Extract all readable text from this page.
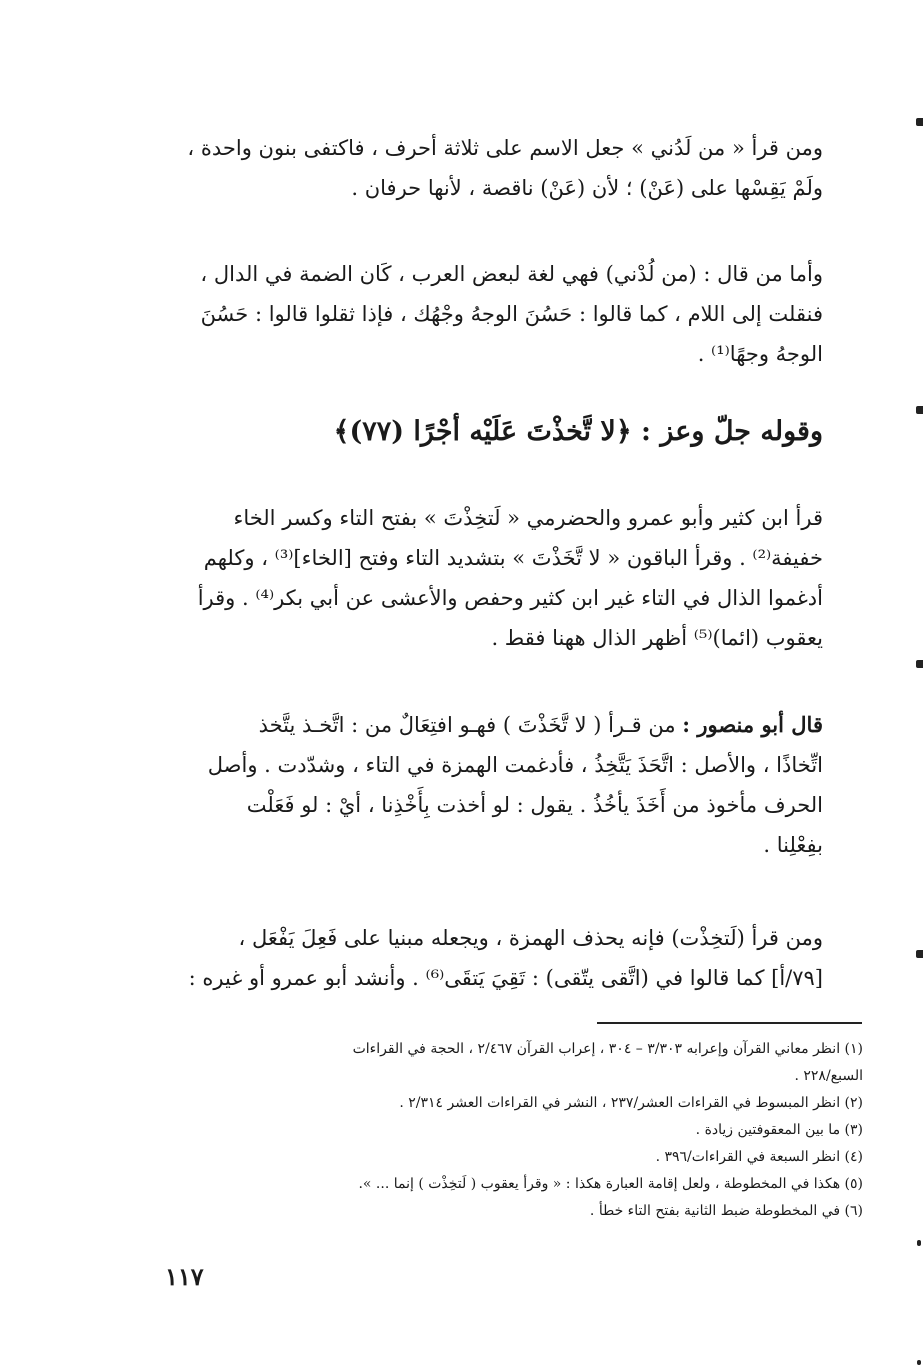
ومن قرأ « من لَدُني » جعل الاسم على ثلاثة أحرف ، فاكتفى بنون واحدة ،
ولَمْ يَقِسْها على (عَنْ) ؛ لأن (عَنْ) ناقصة ، لأنها حرفان .
وأما من قال : (من لُدْني) فهي لغة لبعض العرب ، كَان الضمة في الدال ،
فنقلت إلى اللام ، كما قالوا : حَسُنَ الوجهُ وجْهُك ، فإذا ثقلوا قالوا : حَسُنَ
الوجهُ وجهًا⁽¹⁾ .
وقوله جلّ وعز : ﴿لا تَّخذْتَ عَلَيْه أجْرًا (٧٧)﴾
قرأ ابن كثير وأبو عمرو والحضرمي « لَتخِذْتَ » بفتح التاء وكسر الخاء
خفيفة⁽²⁾ . وقرأ الباقون « لا تَّخَذْتَ » بتشديد التاء وفتح [الخاء]⁽³⁾ ، وكلهم
أدغموا الذال في التاء غير ابن كثير وحفص والأعشى عن أبي بكر⁽⁴⁾ . وقرأ
يعقوب (ائما)⁽⁵⁾ أظهر الذال ههنا فقط .
قال أبو منصور : من قـرأ ( لا تَّخَذْتَ ) فهـو افتِعَالٌ من : اتَّخـذ يتَّخذ
اتِّخاذًا ، والأصل : اتَّحَذَ يَتَّخِذُ ، فأدغمت الهمزة في التاء ، وشدّدت . وأصل
الحرف مأخوذ من أَخَذَ يأخُذُ . يقول : لو أخذت بِأَخْذِنا ، أيْ : لو فَعَلْت
بفِعْلِنا .
ومن قرأ (لَتخِذْت) فإنه يحذف الهمزة ، ويجعله مبنيا على فَعِلَ يَفْعَل ،
[٧٩/أ] كما قالوا في (اتَّقى يتّقى) : تَقِيَ يَتقَى⁽⁶⁾ . وأنشد أبو عمرو أو غيره :
(١) انظر معاني القرآن وإعرابه ٣/٣٠٣ – ٣٠٤ ، إعراب القرآن ٢/٤٦٧ ، الحجة في القراءات
السبع/٢٢٨ .
(٢) انظر المبسوط في القراءات العشر/٢٣٧ ، النشر في القراءات العشر ٢/٣١٤ .
(٣) ما بين المعقوفتين زيادة .
(٤) انظر السبعة في القراءات/٣٩٦ .
(٥) هكذا في المخطوطة ، ولعل إقامة العبارة هكذا : « وقرأ يعقوب ( لَتخِذْت ) إنما ... ».
(٦) في المخطوطة ضبط الثانية بفتح التاء خطأ .
١١٧
